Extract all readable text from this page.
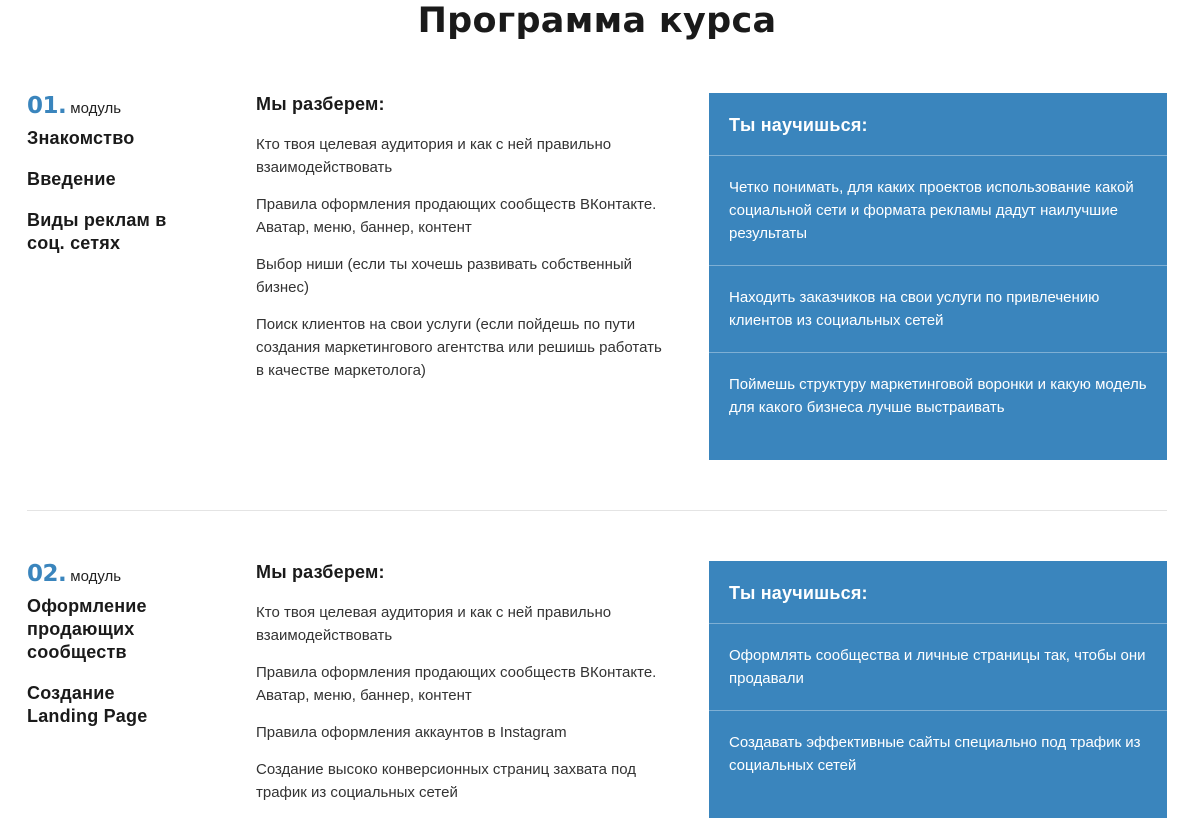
Программа курса
01. модуль
Знакомство
Введение
Виды реклам в соц. сетях
Мы разберем:

Кто твоя целевая аудитория и как с ней правильно взаимодействовать

Правила оформления продающих сообществ ВКонтакте. Аватар, меню, баннер, контент

Выбор ниши (если ты хочешь развивать собственный бизнес)

Поиск клиентов на свои услуги (если пойдешь по пути создания маркетингового агентства или решишь работать в качестве маркетолога)

Ты научишься:
Четко понимать, для каких проектов использование какой социальной сети и формата рекламы дадут наилучшие результаты
Находить заказчиков на свои услуги по привлечению клиентов из социальных сетей
Поймешь структуру маркетинговой воронки и какую модель для какого бизнеса лучше выстраивать
02. модуль
Оформление продающих сообществ
Создание Landing Page
Мы разберем:

Кто твоя целевая аудитория и как с ней правильно взаимодействовать

Правила оформления продающих сообществ ВКонтакте. Аватар, меню, баннер, контент

Правила оформления аккаунтов в Instagram

Создание высоко конверсионных страниц захвата под трафик из социальных сетей

Ты научишься:
Оформлять сообщества и личные страницы так, чтобы они продавали
Создавать эффективные сайты специально под трафик из социальных сетей
